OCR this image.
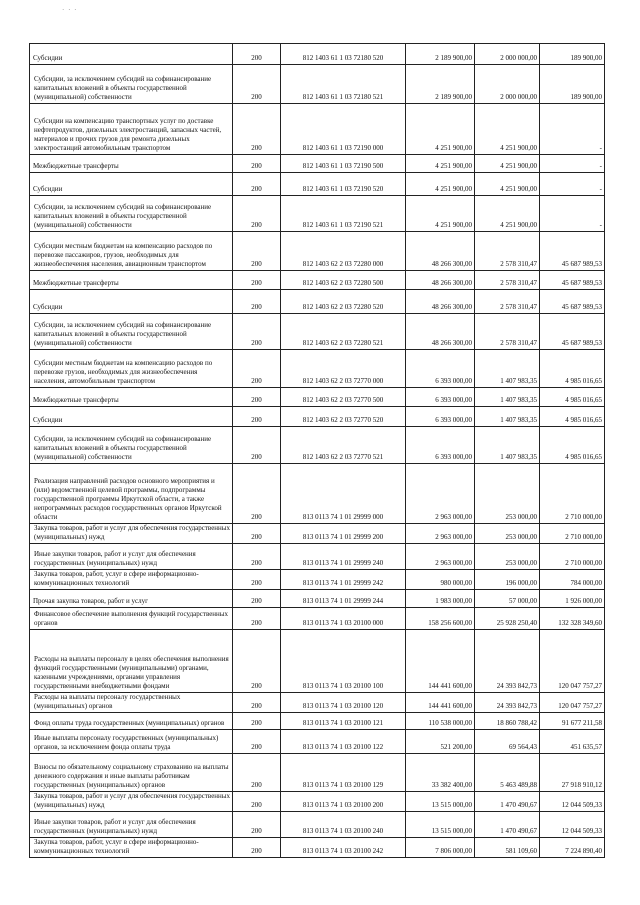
· · ·
Субсидии	200	812 1403 61 1 03 72180 520	2 189 900,00	2 000 000,00	189 900,00
Субсидии, за исключением субсидий на софинансирование капитальных вложений в объекты государственной (муниципальной) собственности	200	812 1403 61 1 03 72180 521	2 189 900,00	2 000 000,00	189 900,00
Субсидии на компенсацию транспортных услуг по доставке нефтепродуктов, дизельных электростанций, запасных частей, материалов и прочих грузов для ремонта дизельных электростанций автомобильным транспортом	200	812 1403 61 1 03 72190 000	4 251 900,00	4 251 900,00	-
Межбюджетные трансферты	200	812 1403 61 1 03 72190 500	4 251 900,00	4 251 900,00	-
Субсидии	200	812 1403 61 1 03 72190 520	4 251 900,00	4 251 900,00	-
Субсидии, за исключением субсидий на софинансирование капитальных вложений в объекты государственной (муниципальной) собственности	200	812 1403 61 1 03 72190 521	4 251 900,00	4 251 900,00	-
Субсидии местным бюджетам на компенсацию расходов по перевозке пассажиров, грузов, необходимых для жизнеобеспечения населения, авиационным транспортом	200	812 1403 62 2 03 72280 000	48 266 300,00	2 578 310,47	45 687 989,53
Межбюджетные трансферты	200	812 1403 62 2 03 72280 500	48 266 300,00	2 578 310,47	45 687 989,53
Субсидии	200	812 1403 62 2 03 72280 520	48 266 300,00	2 578 310,47	45 687 989,53
Субсидии, за исключением субсидий на софинансирование капитальных вложений в объекты государственной (муниципальной) собственности	200	812 1403 62 2 03 72280 521	48 266 300,00	2 578 310,47	45 687 989,53
Субсидии местным бюджетам на компенсацию расходов по перевозке грузов, необходимых для жизнеобеспечения населения, автомобильным транспортом	200	812 1403 62 2 03 72770 000	6 393 000,00	1 407 983,35	4 985 016,65
Межбюджетные трансферты	200	812 1403 62 2 03 72770 500	6 393 000,00	1 407 983,35	4 985 016,65
Субсидии	200	812 1403 62 2 03 72770 520	6 393 000,00	1 407 983,35	4 985 016,65
Субсидии, за исключением субсидий на софинансирование капитальных вложений в объекты государственной (муниципальной) собственности	200	812 1403 62 2 03 72770 521	6 393 000,00	1 407 983,35	4 985 016,65
Реализация направлений расходов основного мероприятия и (или) ведомственной целевой программы, подпрограммы государственной программы Иркутской области, а также непрограммных расходов государственных органов Иркутской области	200	813 0113 74 1 01 29999 000	2 963 000,00	253 000,00	2 710 000,00
Закупка товаров, работ и услуг для обеспечения государственных (муниципальных) нужд	200	813 0113 74 1 01 29999 200	2 963 000,00	253 000,00	2 710 000,00
Иные закупки товаров, работ и услуг для обеспечения государственных (муниципальных) нужд	200	813 0113 74 1 01 29999 240	2 963 000,00	253 000,00	2 710 000,00
Закупка товаров, работ, услуг в сфере информационно-коммуникационных технологий	200	813 0113 74 1 01 29999 242	980 000,00	196 000,00	784 000,00
Прочая закупка товаров, работ и услуг	200	813 0113 74 1 01 29999 244	1 983 000,00	57 000,00	1 926 000,00
Финансовое обеспечение выполнения функций государственных органов	200	813 0113 74 1 03 20100 000	158 256 600,00	25 928 250,40	132 328 349,60
Расходы на выплаты персоналу в целях обеспечения выполнения функций государственными (муниципальными) органами, казенными учреждениями, органами управления государственными внебюджетными фондами	200	813 0113 74 1 03 20100 100	144 441 600,00	24 393 842,73	120 047 757,27
Расходы на выплаты персоналу государственных (муниципальных) органов	200	813 0113 74 1 03 20100 120	144 441 600,00	24 393 842,73	120 047 757,27
Фонд оплаты труда государственных (муниципальных) органов	200	813 0113 74 1 03 20100 121	110 538 000,00	18 860 788,42	91 677 211,58
Иные выплаты персоналу государственных (муниципальных) органов, за исключением фонда оплаты труда	200	813 0113 74 1 03 20100 122	521 200,00	69 564,43	451 635,57
Взносы по обязательному социальному страхованию на выплаты денежного содержания и иные выплаты работникам государственных (муниципальных) органов	200	813 0113 74 1 03 20100 129	33 382 400,00	5 463 489,88	27 918 910,12
Закупка товаров, работ и услуг для обеспечения государственных (муниципальных) нужд	200	813 0113 74 1 03 20100 200	13 515 000,00	1 470 490,67	12 044 509,33
Иные закупки товаров, работ и услуг для обеспечения государственных (муниципальных) нужд	200	813 0113 74 1 03 20100 240	13 515 000,00	1 470 490,67	12 044 509,33
Закупка товаров, работ, услуг в сфере информационно-коммуникационных технологий	200	813 0113 74 1 03 20100 242	7 806 000,00	581 109,60	7 224 890,40
